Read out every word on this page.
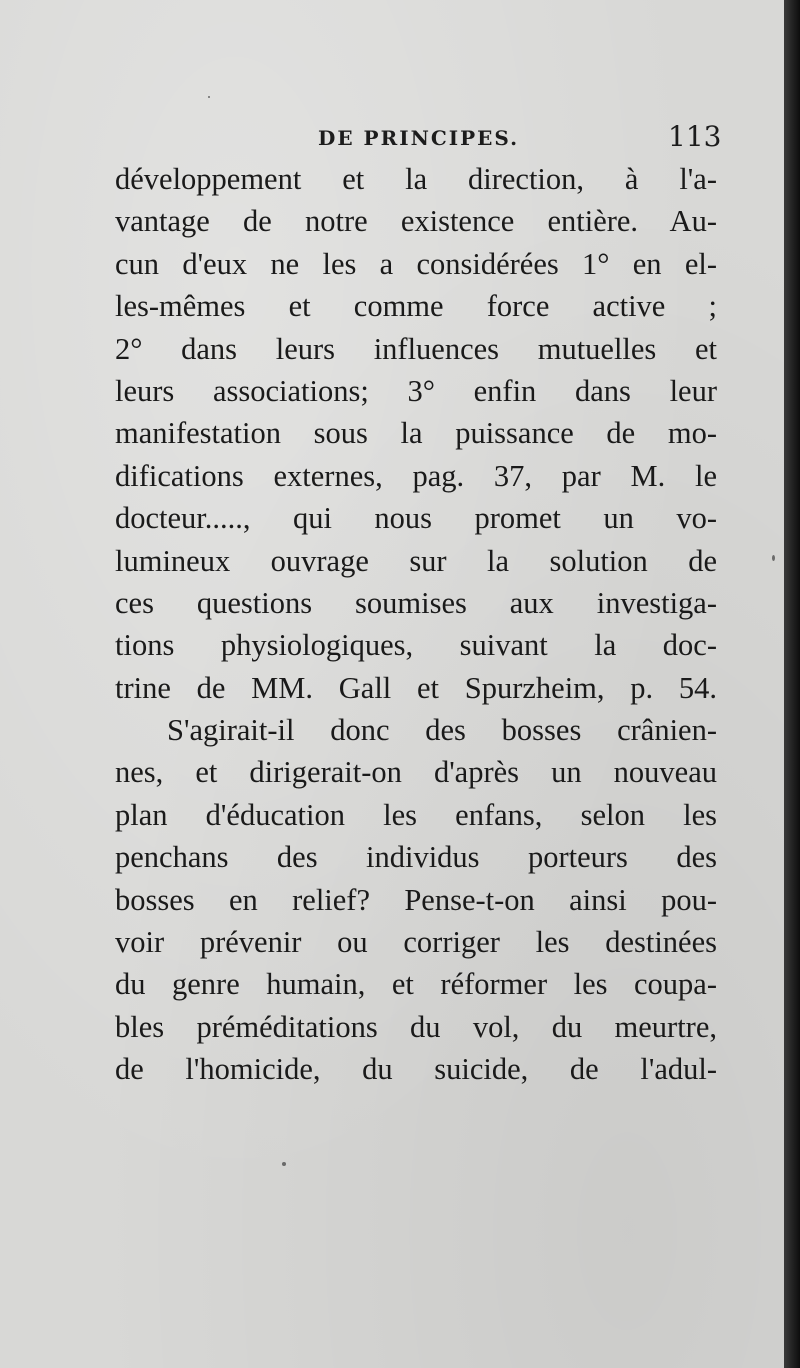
DE PRINCIPES.	113
développement et la direction, à l'a-
vantage de notre existence entière. Au-
cun d'eux ne les a considérées 1° en el-
les-mêmes et comme force active ;
2° dans leurs influences mutuelles et
leurs associations; 3° enfin dans leur
manifestation sous la puissance de mo-
difications externes, pag. 37, par M. le
docteur....., qui nous promet un vo-
lumineux ouvrage sur la solution de
ces questions soumises aux investiga-
tions physiologiques, suivant la doc-
trine de MM. Gall et Spurzheim, p. 54.
S'agirait-il donc des bosses crânien-
nes, et dirigerait-on d'après un nouveau
plan d'éducation les enfans, selon les
penchans des individus porteurs des
bosses en relief? Pense-t-on ainsi pou-
voir prévenir ou corriger les destinées
du genre humain, et réformer les coupa-
bles préméditations du vol, du meurtre,
de l'homicide, du suicide, de l'adul-
